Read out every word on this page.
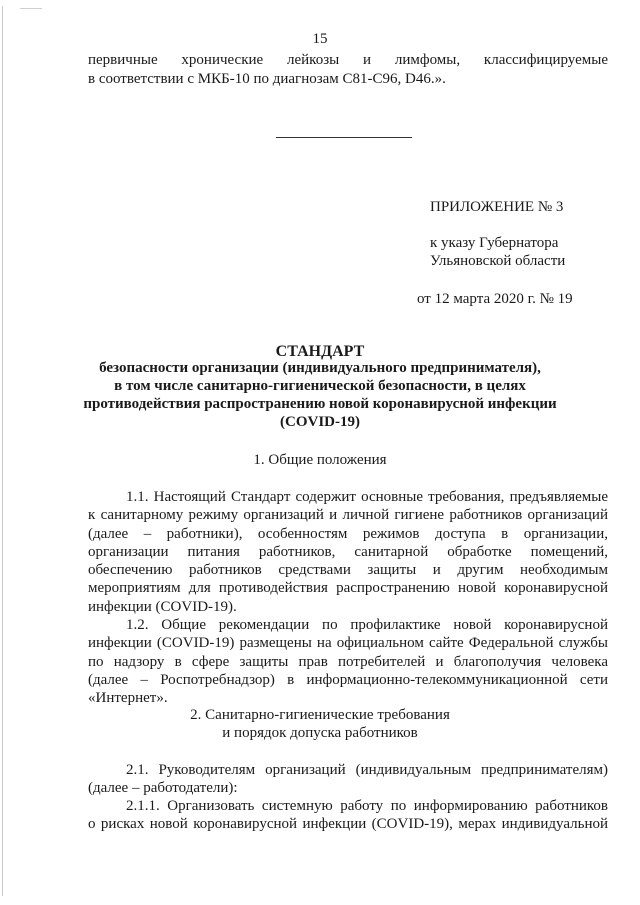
15
первичные хронические лейкозы и лимфомы, классифицируемые
в соответствии с МКБ-10 по диагнозам С81-С96, D46.».
ПРИЛОЖЕНИЕ № 3
к указу Губернатора
Ульяновской области
от 12 марта 2020 г. № 19
СТАНДАРТ
безопасности организации (индивидуального предпринимателя),
в том числе санитарно-гигиенической безопасности, в целях
противодействия распространению новой коронавирусной инфекции
(COVID-19)
1. Общие положения
1.1. Настоящий Стандарт содержит основные требования, предъявляемые
к санитарному режиму организаций и личной гигиене работников организаций
(далее – работники), особенностям режимов доступа в организации,
организации питания работников, санитарной обработке помещений,
обеспечению работников средствами защиты и другим необходимым
мероприятиям для противодействия распространению новой коронавирусной
инфекции (COVID-19).
1.2. Общие рекомендации по профилактике новой коронавирусной
инфекции (COVID-19) размещены на официальном сайте Федеральной службы
по надзору в сфере защиты прав потребителей и благополучия человека
(далее – Роспотребнадзор) в информационно-телекоммуникационной сети
«Интернет».
2. Санитарно-гигиенические требования
и порядок допуска работников
2.1. Руководителям организаций (индивидуальным предпринимателям)
(далее – работодатели):
2.1.1. Организовать системную работу по информированию работников
о рисках новой коронавирусной инфекции (COVID-19), мерах индивидуальной
